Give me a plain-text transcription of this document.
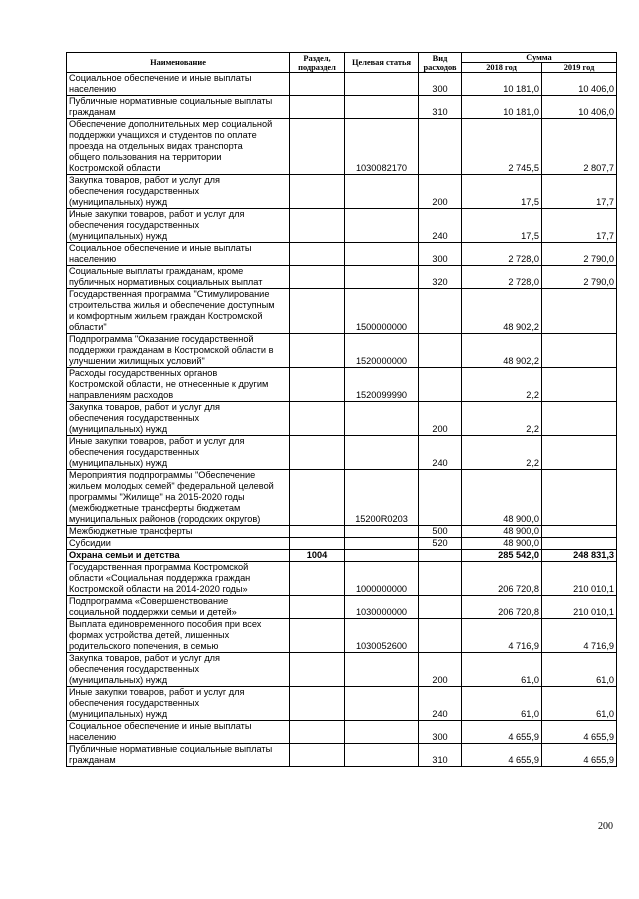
Наименование	Раздел, подраздел	Целевая статья	Вид расходов	Сумма	
				2018 год	2019 год
Социальное обеспечение и иные выплаты
населению			300	10 181,0	10 406,0
Публичные нормативные социальные выплаты
гражданам			310	10 181,0	10 406,0
Обеспечение дополнительных мер социальной
поддержки учащихся и студентов по оплате
проезда на отдельных видах транспорта
общего пользования на территории
Костромской области		1030082170		2 745,5	2 807,7
Закупка товаров, работ и услуг для
обеспечения государственных
(муниципальных) нужд			200	17,5	17,7
Иные закупки товаров, работ и услуг для
обеспечения государственных
(муниципальных) нужд			240	17,5	17,7
Социальное обеспечение и иные выплаты
населению			300	2 728,0	2 790,0
Социальные выплаты гражданам, кроме
публичных нормативных социальных выплат			320	2 728,0	2 790,0
Государственная программа "Стимулирование
строительства жилья и обеспечение доступным
и комфортным жильем граждан Костромской
области"		1500000000		48 902,2	
Подпрограмма "Оказание государственной
поддержки гражданам в Костромской области в
улучшении жилищных условий"		1520000000		48 902,2	
Расходы государственных органов
Костромской области, не отнесенные к другим
направлениям расходов		1520099990		2,2	
Закупка товаров, работ и услуг для
обеспечения государственных
(муниципальных) нужд			200	2,2	
Иные закупки товаров, работ и услуг для
обеспечения государственных
(муниципальных) нужд			240	2,2	
Мероприятия подпрограммы "Обеспечение
жильем молодых семей" федеральной целевой
программы "Жилище" на 2015-2020 годы
(межбюджетные трансферты бюджетам
муниципальных районов (городских округов)		15200R0203		48 900,0	
Межбюджетные трансферты			500	48 900,0	
Субсидии			520	48 900,0	
Охрана семьи и детства	1004			285 542,0	248 831,3
Государственная программа Костромской
области «Социальная поддержка граждан
Костромской области на 2014-2020 годы»		1000000000		206 720,8	210 010,1
Подпрограмма «Совершенствование
социальной поддержки семьи и детей»		1030000000		206 720,8	210 010,1
Выплата единовременного пособия при всех
формах устройства детей, лишенных
родительского попечения, в семью		1030052600		4 716,9	4 716,9
Закупка товаров, работ и услуг для
обеспечения государственных
(муниципальных) нужд			200	61,0	61,0
Иные закупки товаров, работ и услуг для
обеспечения государственных
(муниципальных) нужд			240	61,0	61,0
Социальное обеспечение и иные выплаты
населению			300	4 655,9	4 655,9
Публичные нормативные социальные выплаты
гражданам			310	4 655,9	4 655,9
200
